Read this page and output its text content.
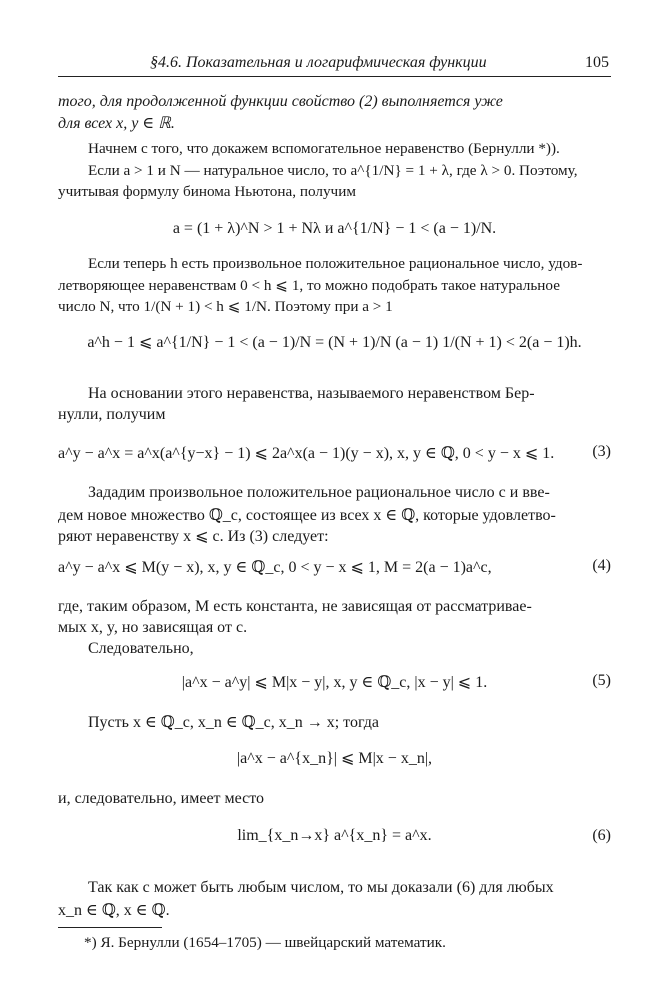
§4.6. Показательная и логарифмическая функции	105
того, для продолженной функции свойство (2) выполняется уже
для всех x, y ∈ ℝ.
Начнем с того, что докажем вспомогательное неравенство (Бернулли *)).
Если a > 1 и N — натуральное число, то a^{1/N} = 1 + λ, где λ > 0. Поэтому,
учитывая формулу бинома Ньютона, получим
a = (1 + λ)^N > 1 + Nλ и a^{1/N} − 1 < (a − 1)/N.
Если теперь h есть произвольное положительное рациональное число, удов-
летворяющее неравенствам 0 < h ⩽ 1, то можно подобрать такое натуральное
число N, что 1/(N + 1) < h ⩽ 1/N. Поэтому при a > 1
a^h − 1 ⩽ a^{1/N} − 1 < (a − 1)/N = (N + 1)/N (a − 1) 1/(N + 1) < 2(a − 1)h.
На основании этого неравенства, называемого неравенством Бер-
нулли, получим
a^y − a^x = a^x(a^{y−x} − 1) ⩽ 2a^x(a − 1)(y − x), x, y ∈ ℚ, 0 < y − x ⩽ 1. (3)
Зададим произвольное положительное рациональное число c и вве-
дем новое множество ℚ_c, состоящее из всех x ∈ ℚ, которые удовлетво-
ряют неравенству x ⩽ c. Из (3) следует:
a^y − a^x ⩽ M(y − x), x, y ∈ ℚ_c, 0 < y − x ⩽ 1, M = 2(a − 1)a^c,	(4)
где, таким образом, M есть константа, не зависящая от рассматривае-
мых x, y, но зависящая от c.
Следовательно,
|a^x − a^y| ⩽ M|x − y|, x, y ∈ ℚ_c, |x − y| ⩽ 1.	(5)
Пусть x ∈ ℚ_c, x_n ∈ ℚ_c, x_n → x; тогда
|a^x − a^{x_n}| ⩽ M|x − x_n|,
и, следовательно, имеет место
lim_{x_n→x} a^{x_n} = a^x.	(6)
Так как c может быть любым числом, то мы доказали (6) для любых
x_n ∈ ℚ, x ∈ ℚ.
*) Я. Бернулли (1654–1705) — швейцарский математик.
